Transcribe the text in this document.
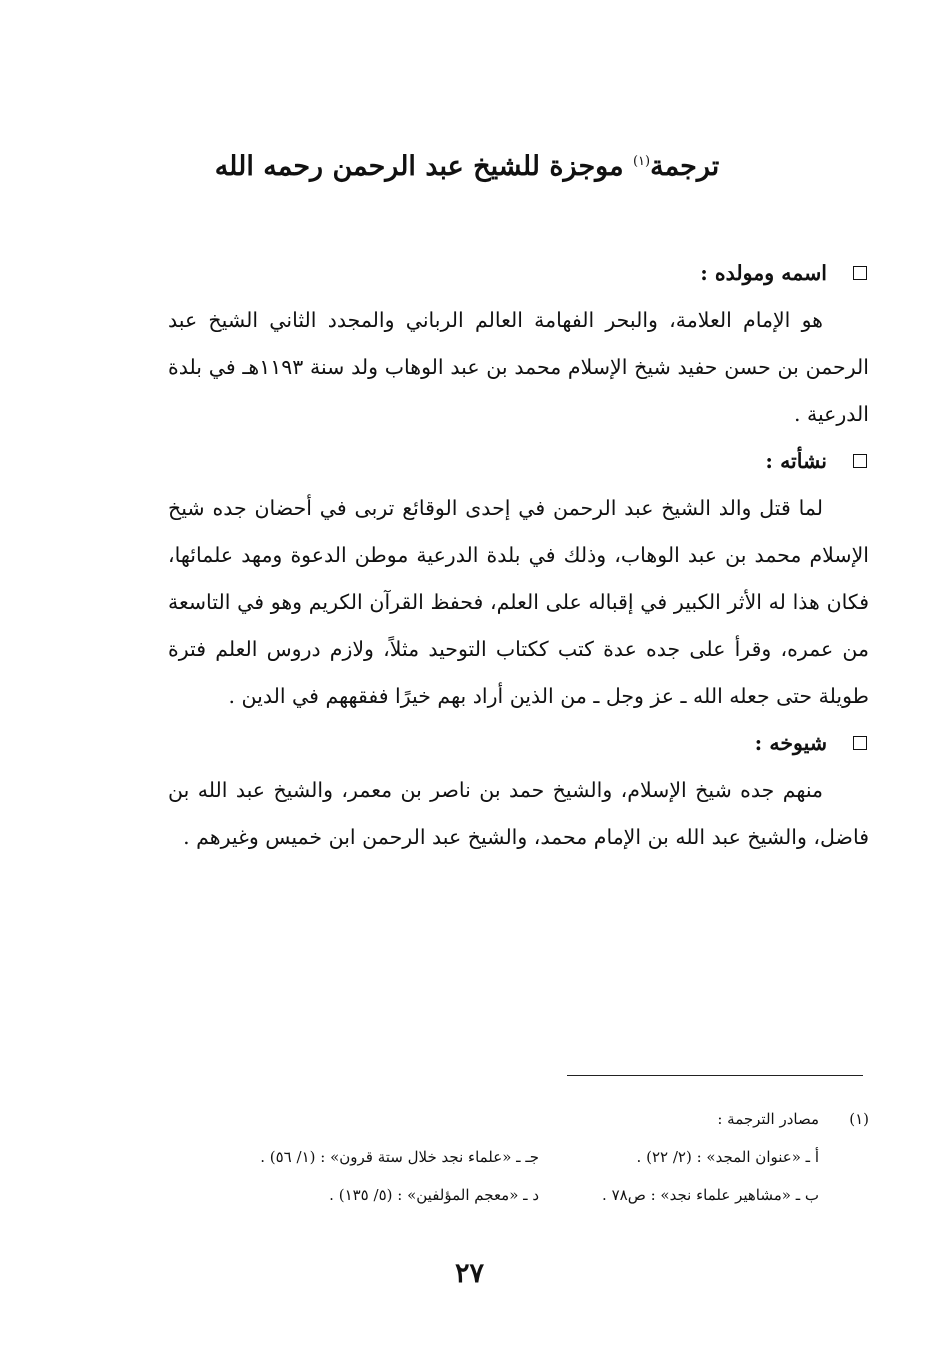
ترجمة$^{(١)}$ موجزة للشيخ عبد الرحمن رحمه الله
اسمه ومولده :
هو الإمام العلامة، والبحر الفهامة العالم الرباني والمجدد الثاني الشيخ عبد الرحمن بن حسن حفيد شيخ الإسلام محمد بن عبد الوهاب ولد سنة ١١٩٣هـ في بلدة الدرعية .
نشأته :
لما قتل والد الشيخ عبد الرحمن في إحدى الوقائع تربى في أحضان جده شيخ الإسلام محمد بن عبد الوهاب، وذلك في بلدة الدرعية موطن الدعوة ومهد علمائها، فكان هذا له الأثر الكبير في إقباله على العلم، فحفظ القرآن الكريم وهو في التاسعة من عمره، وقرأ على جده عدة كتب ككتاب التوحيد مثلاً، ولازم دروس العلم فترة طويلة حتى جعله الله ـ عز وجل ـ من الذين أراد بهم خيرًا ففقههم في الدين .
شيوخه :
منهم جده شيخ الإسلام، والشيخ حمد بن ناصر بن معمر، والشيخ عبد الله بن فاضل، والشيخ عبد الله بن الإمام محمد، والشيخ عبد الرحمن ابن خميس وغيرهم .
(١)مصادر الترجمة :
أ ـ «عنوان المجد» : (٢/ ٢٢) .
جـ ـ «علماء نجد خلال ستة قرون» : (١/ ٥٦) .
ب ـ «مشاهير علماء نجد» : ص٧٨ .
د ـ «معجم المؤلفين» : (٥/ ١٣٥) .
٢٧
